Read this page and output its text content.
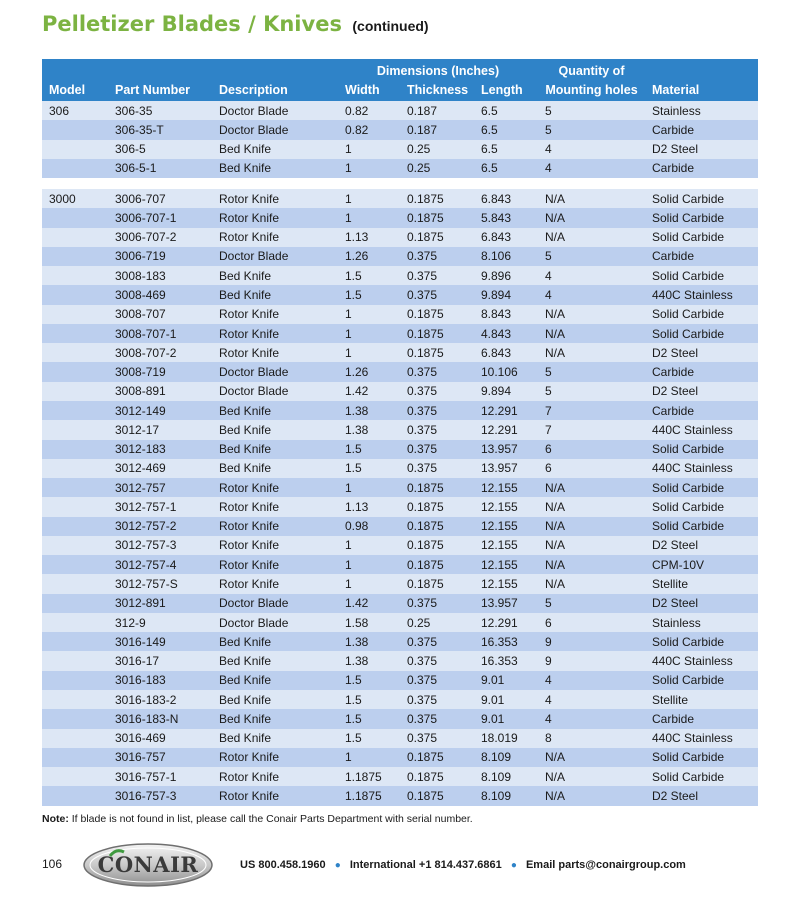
Pelletizer Blades / Knives (continued)
			Dimensions (Inches)			Quantity of	
Model	Part Number	Description	Width	Thickness	Length	Mounting holes	Material
306	306-35	Doctor Blade	0.82	0.187	6.5	5	Stainless
	306-35-T	Doctor Blade	0.82	0.187	6.5	5	Carbide
	306-5	Bed Knife	1	0.25	6.5	4	D2 Steel
	306-5-1	Bed Knife	1	0.25	6.5	4	Carbide

3000	3006-707	Rotor Knife	1	0.1875	6.843	N/A	Solid Carbide
	3006-707-1	Rotor Knife	1	0.1875	5.843	N/A	Solid Carbide
	3006-707-2	Rotor Knife	1.13	0.1875	6.843	N/A	Solid Carbide
	3006-719	Doctor Blade	1.26	0.375	8.106	5	Carbide
	3008-183	Bed Knife	1.5	0.375	9.896	4	Solid Carbide
	3008-469	Bed Knife	1.5	0.375	9.894	4	440C Stainless
	3008-707	Rotor Knife	1	0.1875	8.843	N/A	Solid Carbide
	3008-707-1	Rotor Knife	1	0.1875	4.843	N/A	Solid Carbide
	3008-707-2	Rotor Knife	1	0.1875	6.843	N/A	D2 Steel
	3008-719	Doctor Blade	1.26	0.375	10.106	5	Carbide
	3008-891	Doctor Blade	1.42	0.375	9.894	5	D2 Steel
	3012-149	Bed Knife	1.38	0.375	12.291	7	Carbide
	3012-17	Bed Knife	1.38	0.375	12.291	7	440C Stainless
	3012-183	Bed Knife	1.5	0.375	13.957	6	Solid Carbide
	3012-469	Bed Knife	1.5	0.375	13.957	6	440C Stainless
	3012-757	Rotor Knife	1	0.1875	12.155	N/A	Solid Carbide
	3012-757-1	Rotor Knife	1.13	0.1875	12.155	N/A	Solid Carbide
	3012-757-2	Rotor Knife	0.98	0.1875	12.155	N/A	Solid Carbide
	3012-757-3	Rotor Knife	1	0.1875	12.155	N/A	D2 Steel
	3012-757-4	Rotor Knife	1	0.1875	12.155	N/A	CPM-10V
	3012-757-S	Rotor Knife	1	0.1875	12.155	N/A	Stellite
	3012-891	Doctor Blade	1.42	0.375	13.957	5	D2 Steel
	312-9	Doctor Blade	1.58	0.25	12.291	6	Stainless
	3016-149	Bed Knife	1.38	0.375	16.353	9	Solid Carbide
	3016-17	Bed Knife	1.38	0.375	16.353	9	440C Stainless
	3016-183	Bed Knife	1.5	0.375	9.01	4	Solid Carbide
	3016-183-2	Bed Knife	1.5	0.375	9.01	4	Stellite
	3016-183-N	Bed Knife	1.5	0.375	9.01	4	Carbide
	3016-469	Bed Knife	1.5	0.375	18.019	8	440C Stainless
	3016-757	Rotor Knife	1	0.1875	8.109	N/A	Solid Carbide
	3016-757-1	Rotor Knife	1.1875	0.1875	8.109	N/A	Solid Carbide
	3016-757-3	Rotor Knife	1.1875	0.1875	8.109	N/A	D2 Steel
Note: If blade is not found in list, please call the Conair Parts Department with serial number.
106 CONAIR	US 800.458.1960 ● International +1 814.437.6861 ● Email parts@conairgroup.com
